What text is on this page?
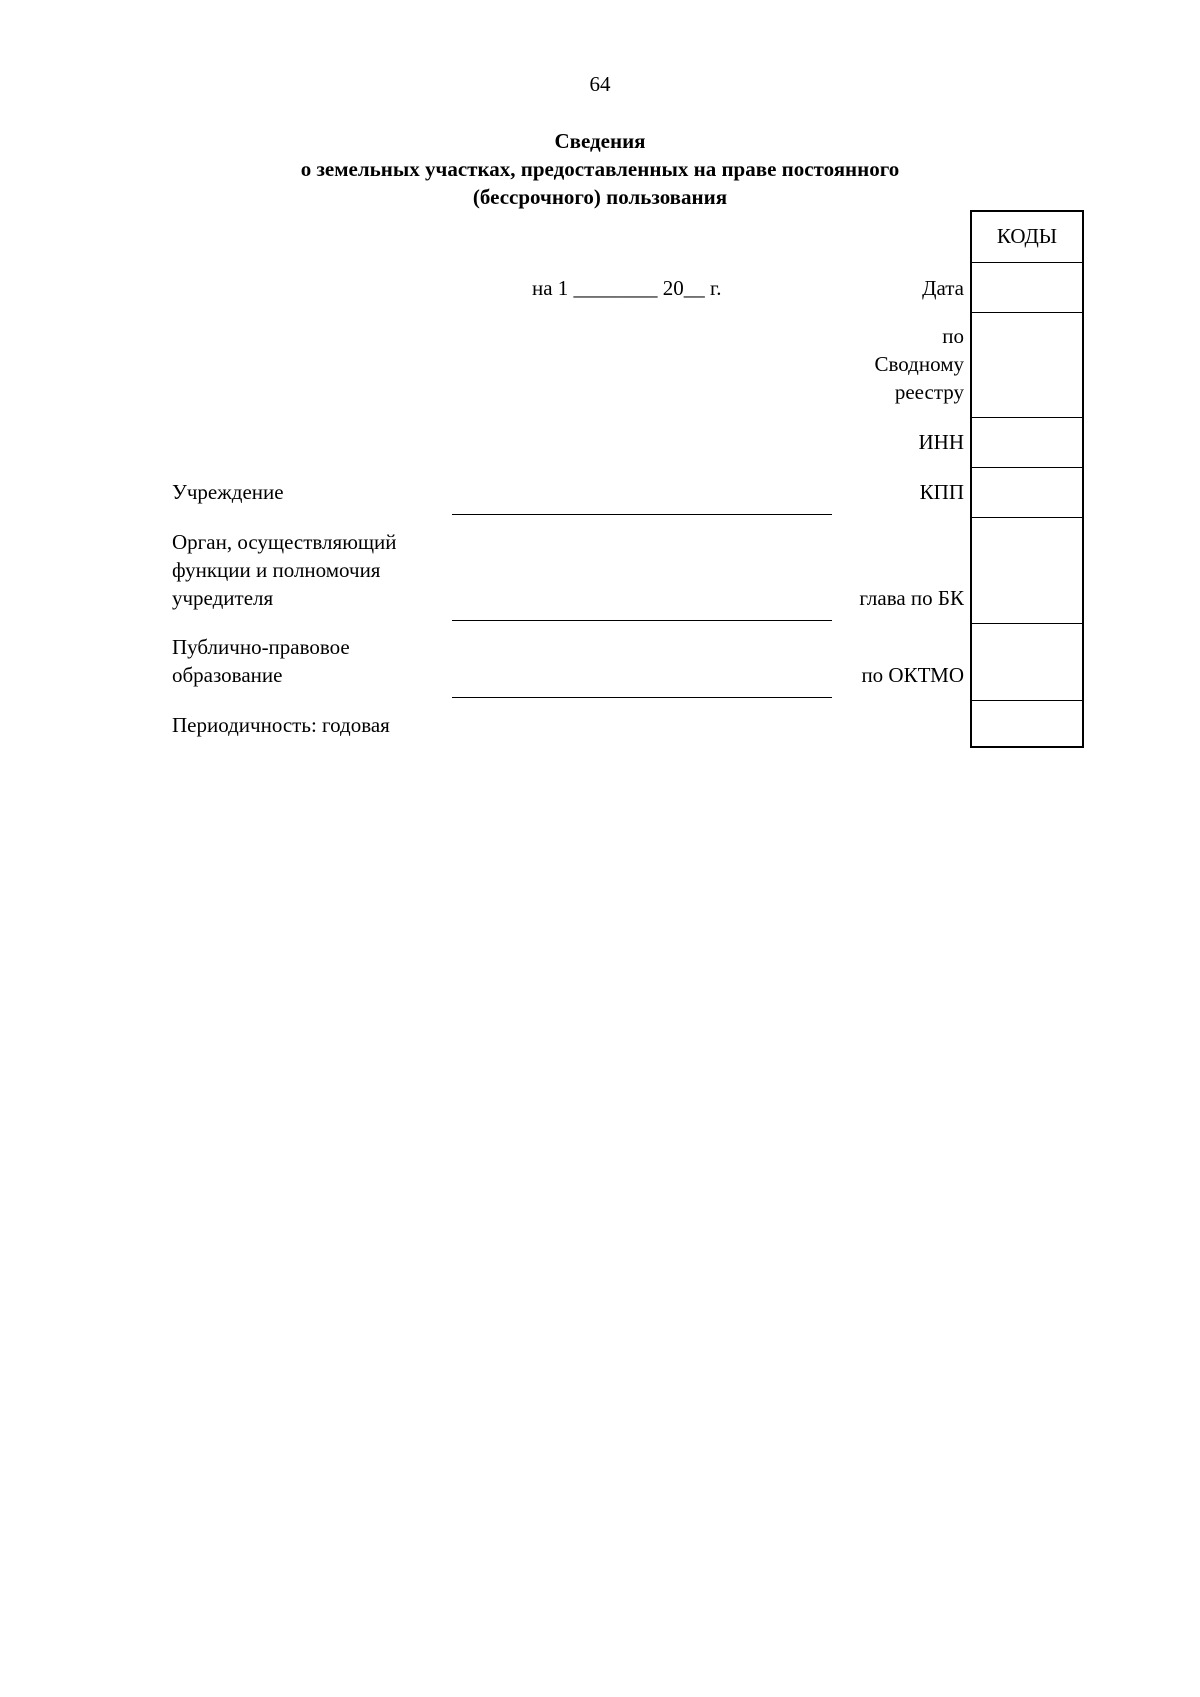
64
Сведения
о земельных участках, предоставленных на праве постоянного
(бессрочного) пользования
на 1 ________ 20__ г.	Дата
по
Сводному
реестру
ИНН
КПП
глава по БК
по ОКТМО
Учреждение
Орган, осуществляющий
функции и полномочия
учредителя
Публично-правовое
образование
Периодичность: годовая
КОДЫ
